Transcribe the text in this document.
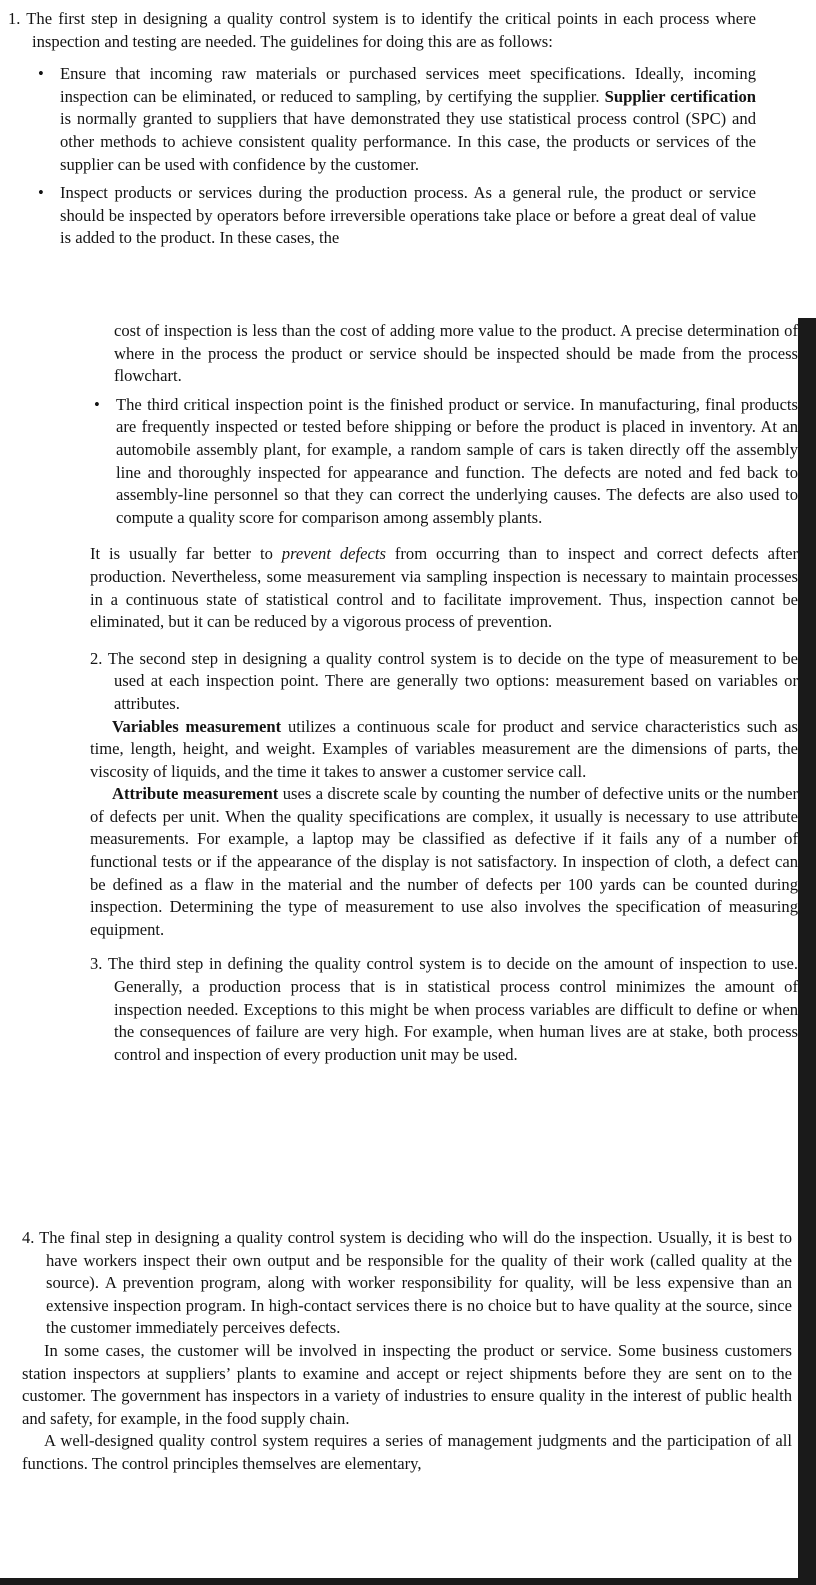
1. The first step in designing a quality control system is to identify the critical points in each process where inspection and testing are needed. The guidelines for doing this are as follows:

• Ensure that incoming raw materials or purchased services meet specifications. Ideally, incoming inspection can be eliminated, or reduced to sampling, by certifying the supplier. Supplier certification is normally granted to suppliers that have demonstrated they use statistical process control (SPC) and other methods to achieve consistent quality performance. In this case, the products or services of the supplier can be used with confidence by the customer.
• Inspect products or services during the production process. As a general rule, the product or service should be inspected by operators before irreversible operations take place or before a great deal of value is added to the product. In these cases, the

cost of inspection is less than the cost of adding more value to the product. A precise determination of where in the process the product or service should be inspected should be made from the process flowchart.

• The third critical inspection point is the finished product or service. In manufacturing, final products are frequently inspected or tested before shipping or before the product is placed in inventory. At an automobile assembly plant, for example, a random sample of cars is taken directly off the assembly line and thoroughly inspected for appearance and function. The defects are noted and fed back to assembly-line personnel so that they can correct the underlying causes. The defects are also used to compute a quality score for comparison among assembly plants.

It is usually far better to prevent defects from occurring than to inspect and correct defects after production. Nevertheless, some measurement via sampling inspection is necessary to maintain processes in a continuous state of statistical control and to facilitate improvement. Thus, inspection cannot be eliminated, but it can be reduced by a vigorous process of prevention.

2. The second step in designing a quality control system is to decide on the type of measurement to be used at each inspection point. There are generally two options: measurement based on variables or attributes.

Variables measurement utilizes a continuous scale for product and service characteristics such as time, length, height, and weight. Examples of variables measurement are the dimensions of parts, the viscosity of liquids, and the time it takes to answer a customer service call.

Attribute measurement uses a discrete scale by counting the number of defective units or the number of defects per unit. When the quality specifications are complex, it usually is necessary to use attribute measurements. For example, a laptop may be classified as defective if it fails any of a number of functional tests or if the appearance of the display is not satisfactory. In inspection of cloth, a defect can be defined as a flaw in the material and the number of defects per 100 yards can be counted during inspection. Determining the type of measurement to use also involves the specification of measuring equipment.

3. The third step in defining the quality control system is to decide on the amount of inspection to use. Generally, a production process that is in statistical process control minimizes the amount of inspection needed. Exceptions to this might be when process variables are difficult to define or when the consequences of failure are very high. For example, when human lives are at stake, both process control and inspection of every production unit may be used.

4. The final step in designing a quality control system is deciding who will do the inspection. Usually, it is best to have workers inspect their own output and be responsible for the quality of their work (called quality at the source). A prevention program, along with worker responsibility for quality, will be less expensive than an extensive inspection program. In high-contact services there is no choice but to have quality at the source, since the customer immediately perceives defects.

In some cases, the customer will be involved in inspecting the product or service. Some business customers station inspectors at suppliers’ plants to examine and accept or reject shipments before they are sent on to the customer. The government has inspectors in a variety of industries to ensure quality in the interest of public health and safety, for example, in the food supply chain.

A well-designed quality control system requires a series of management judgments and the participation of all functions. The control principles themselves are elementary,
